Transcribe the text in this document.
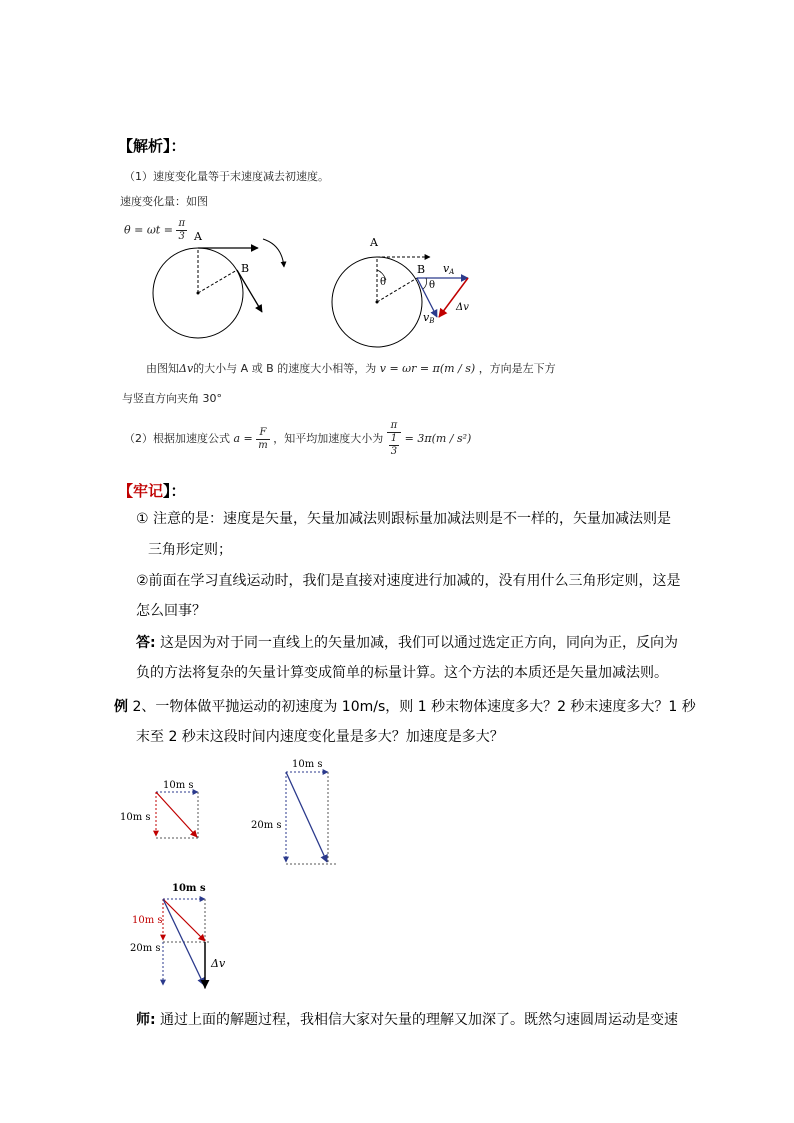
【解析】：
（1）速度变化量等于末速度减去初速度。
速度变化量：如图
$\theta = \omega t = \frac{\pi}{3}$ A
B
A
B
θ	θ
vA
vB
Δv
由图知Δv的大小与 A 或 B 的速度大小相等，为 v = ωr = π(m / s) ，方向是左下方
与竖直方向夹角 30°
（2）根据加速度公式 $a = \frac{F}{m}$ ，知平均加速度大小为 $\frac{\pi}{\frac{1}{3}} = 3\pi(m / s^2)$
【牢记】：
① 注意的是：速度是矢量，矢量加减法则跟标量加减法则是不一样的，矢量加减法则是
三角形定则；
②前面在学习直线运动时，我们是直接对速度进行加减的，没有用什么三角形定则，这是
怎么回事？
答: 这是因为对于同一直线上的矢量加减，我们可以通过选定正方向，同向为正，反向为
负的方法将复杂的矢量计算变成简单的标量计算。这个方法的本质还是矢量加减法则。
例 2、一物体做平抛运动的初速度为 10m/s，则 1 秒末物体速度多大？2 秒末速度多大？1 秒
末至 2 秒末这段时间内速度变化量是多大？加速度是多大？
10m s
10m s
10m s
20m s
10m s
10m s
20m s
Δv
师: 通过上面的解题过程，我相信大家对矢量的理解又加深了。既然匀速圆周运动是变速
